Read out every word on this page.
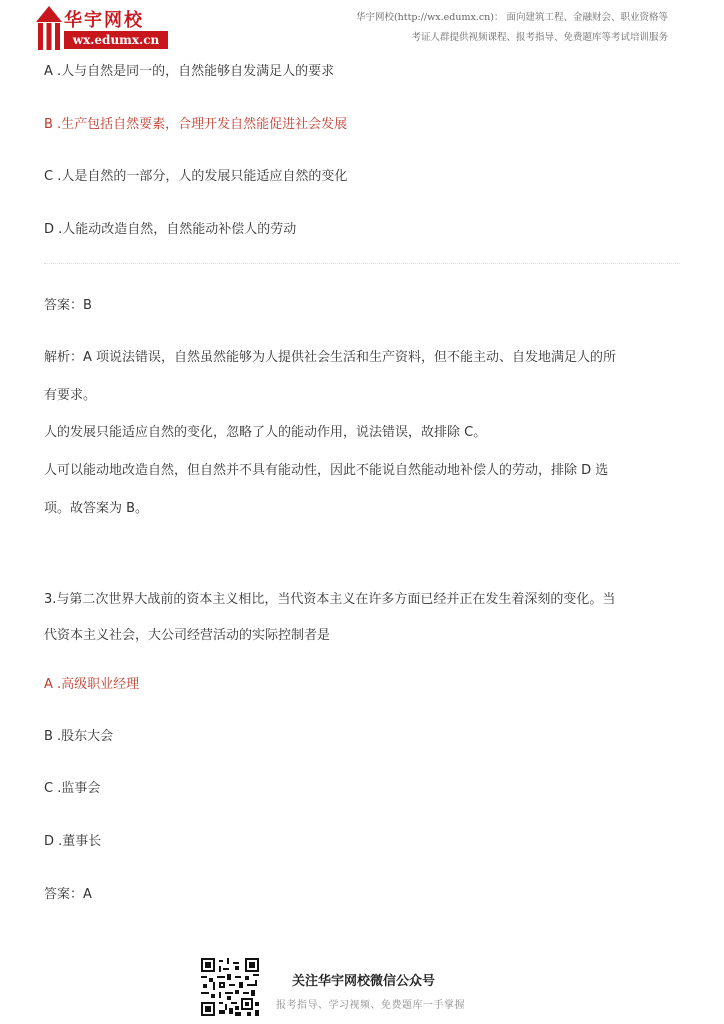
华宇网校
wx.edumx.cn
华宇网校(http://wx.edumx.cn)： 面向建筑工程、金融财会、职业资格等
考证人群提供视频课程、报考指导、免费题库等考试培训服务
A .人与自然是同一的，自然能够自发满足人的要求
B .生产包括自然要素，合理开发自然能促进社会发展
C .人是自然的一部分，人的发展只能适应自然的变化
D .人能动改造自然，自然能动补偿人的劳动
答案：B
解析：A 项说法错误，自然虽然能够为人提供社会生活和生产资料，但不能主动、自发地满足人的所
有要求。
人的发展只能适应自然的变化，忽略了人的能动作用，说法错误，故排除 C。
人可以能动地改造自然，但自然并不具有能动性，因此不能说自然能动地补偿人的劳动，排除 D 选
项。故答案为 B。
3.与第二次世界大战前的资本主义相比，当代资本主义在许多方面已经并正在发生着深刻的变化。当
代资本主义社会，大公司经营活动的实际控制者是
A .高级职业经理
B .股东大会
C .监事会
D .董事长
答案：A
关注华宇网校微信公众号
报考指导、学习视频、免费题库一手掌握
